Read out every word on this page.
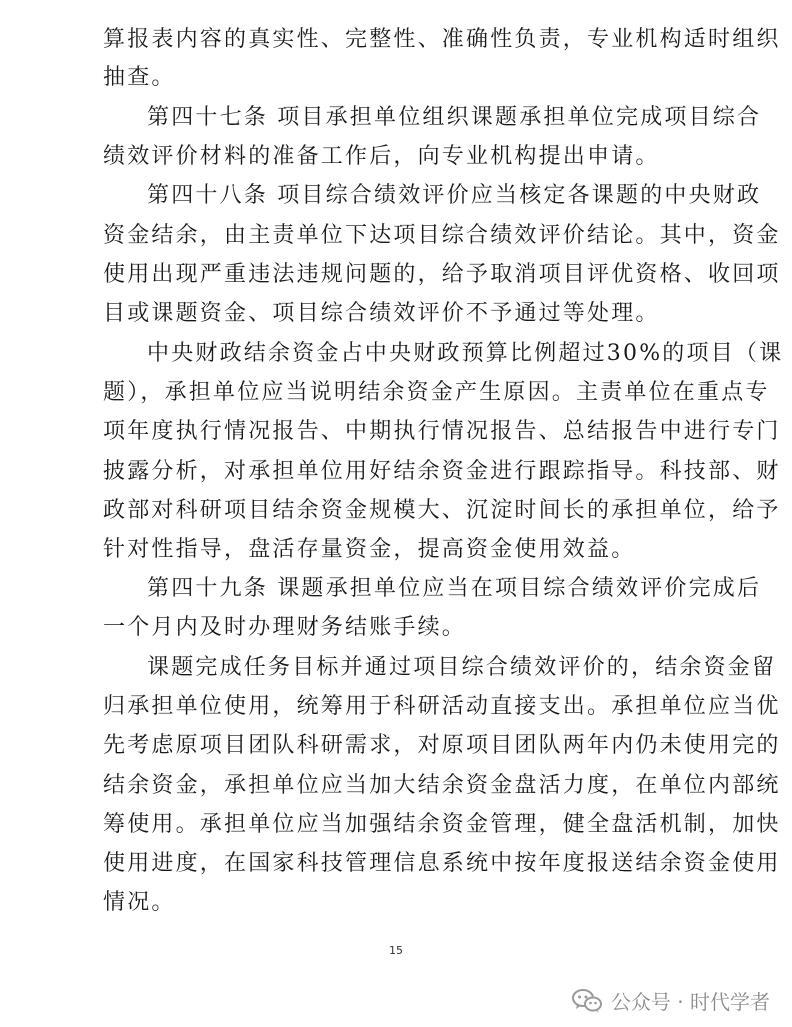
算报表内容的真实性、完整性、准确性负责，专业机构适时组织
抽查。
第四十七条 项目承担单位组织课题承担单位完成项目综合
绩效评价材料的准备工作后，向专业机构提出申请。
第四十八条 项目综合绩效评价应当核定各课题的中央财政
资金结余，由主责单位下达项目综合绩效评价结论。其中，资金
使用出现严重违法违规问题的，给予取消项目评优资格、收回项
目或课题资金、项目综合绩效评价不予通过等处理。
中央财政结余资金占中央财政预算比例超过30%的项目（课
题），承担单位应当说明结余资金产生原因。主责单位在重点专
项年度执行情况报告、中期执行情况报告、总结报告中进行专门
披露分析，对承担单位用好结余资金进行跟踪指导。科技部、财
政部对科研项目结余资金规模大、沉淀时间长的承担单位，给予
针对性指导，盘活存量资金，提高资金使用效益。
第四十九条 课题承担单位应当在项目综合绩效评价完成后
一个月内及时办理财务结账手续。
课题完成任务目标并通过项目综合绩效评价的，结余资金留
归承担单位使用，统筹用于科研活动直接支出。承担单位应当优
先考虑原项目团队科研需求，对原项目团队两年内仍未使用完的
结余资金，承担单位应当加大结余资金盘活力度，在单位内部统
筹使用。承担单位应当加强结余资金管理，健全盘活机制，加快
使用进度，在国家科技管理信息系统中按年度报送结余资金使用
情况。
15
公众号 · 时代学者
